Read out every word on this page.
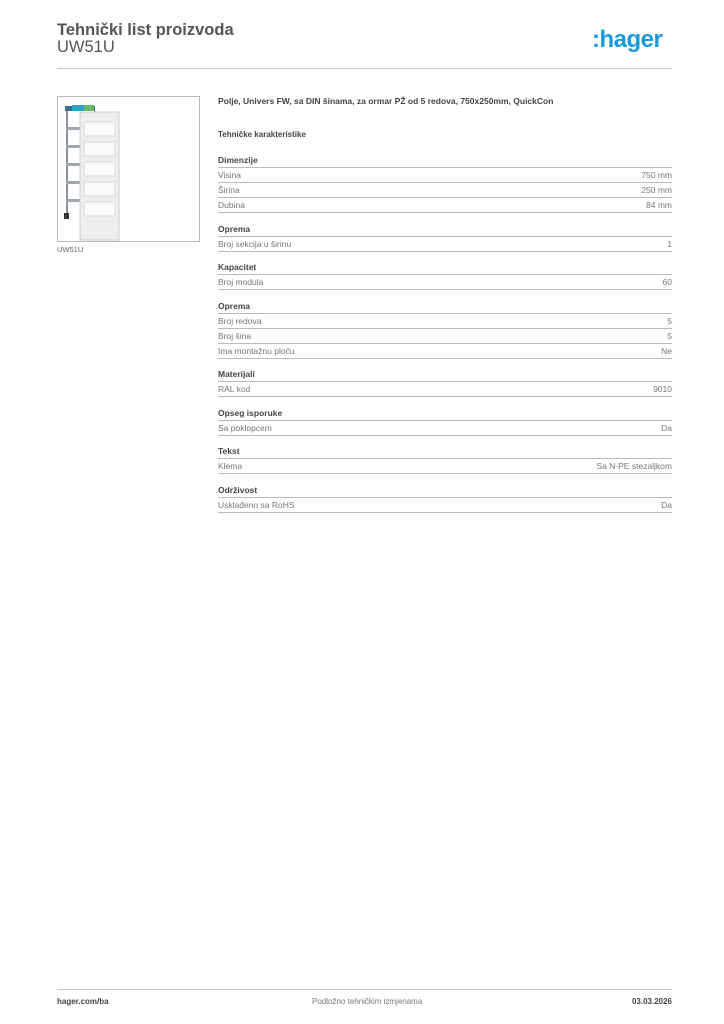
Tehnički list proizvoda
UW51U	:hager
UW51U
Polje, Univers FW, sa DIN šinama, za ormar PŽ od 5 redova, 750x250mm, QuickCon
Tehničke karakteristike
Dimenzije
Visina	750 mm
Širina	250 mm
Dubina	84 mm
Oprema
Broj sekcija u širinu	1
Kapacitet
Broj modula	60
Oprema
Broj redova	5
Broj šina	5
Ima montažnu ploču	Ne
Materijali
RAL kod	9010
Opseg isporuke
Sa poklopcem	Da
Tekst
Klema	Sa N-PE stezaljkom
Održivost
Usklađeno sa RoHS	Da
hager.com/ba	Podložno tehničkim izmjenama	03.03.2026
